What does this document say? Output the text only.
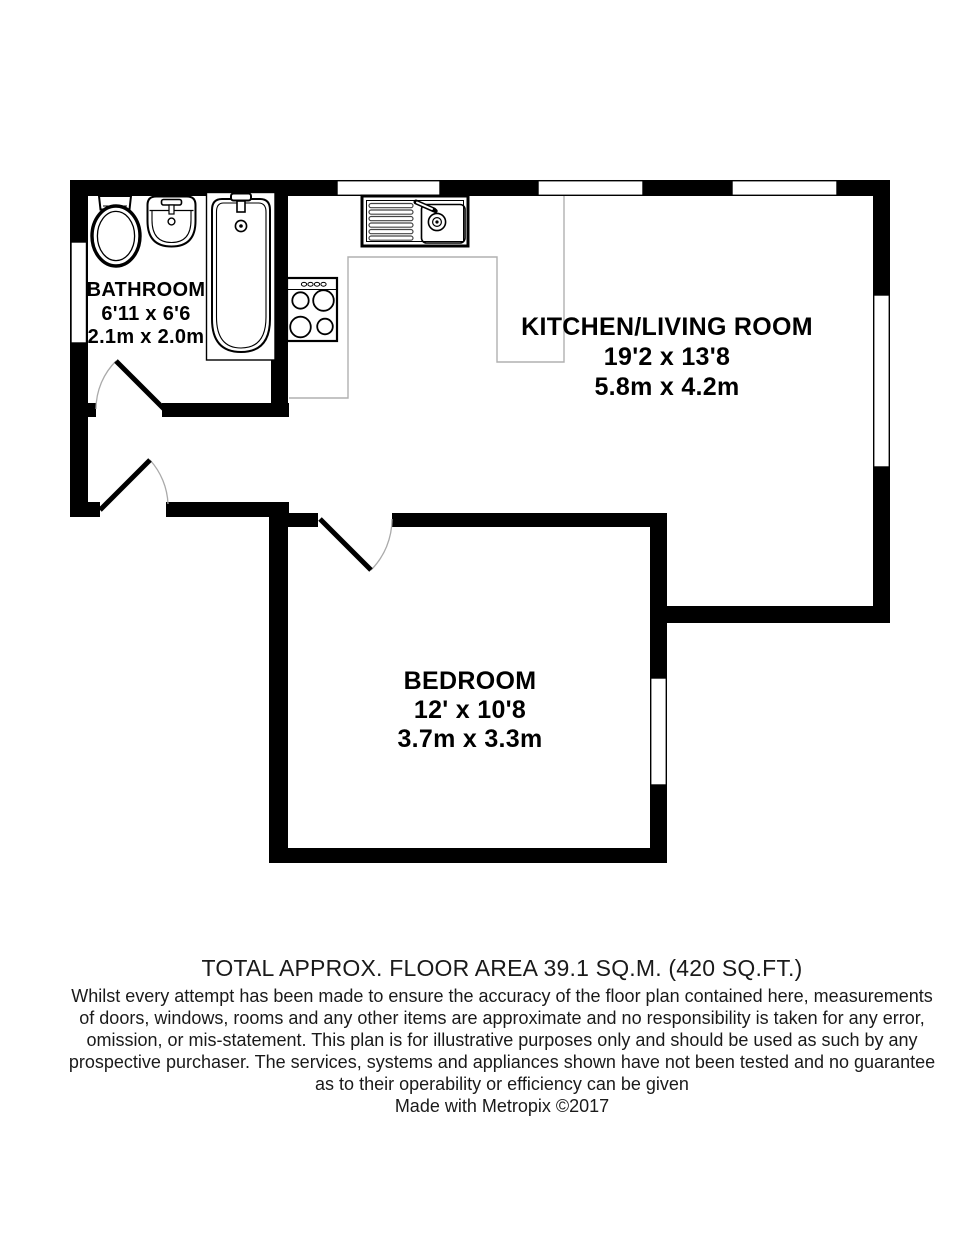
BATHROOM
6'11 x 6'6
2.1m x 2.0m	KITCHEN/LIVING ROOM
19'2 x 13'8
5.8m x 4.2m
BEDROOM
12' x 10'8
3.7m x 3.3m
TOTAL APPROX. FLOOR AREA 39.1 SQ.M. (420 SQ.FT.)
Whilst every attempt has been made to ensure the accuracy of the floor plan contained here, measurements
of doors, windows, rooms and any other items are approximate and no responsibility is taken for any error,
omission, or mis-statement. This plan is for illustrative purposes only and should be used as such by any
prospective purchaser. The services, systems and appliances shown have not been tested and no guarantee
as to their operability or efficiency can be given
Made with Metropix ©2017
